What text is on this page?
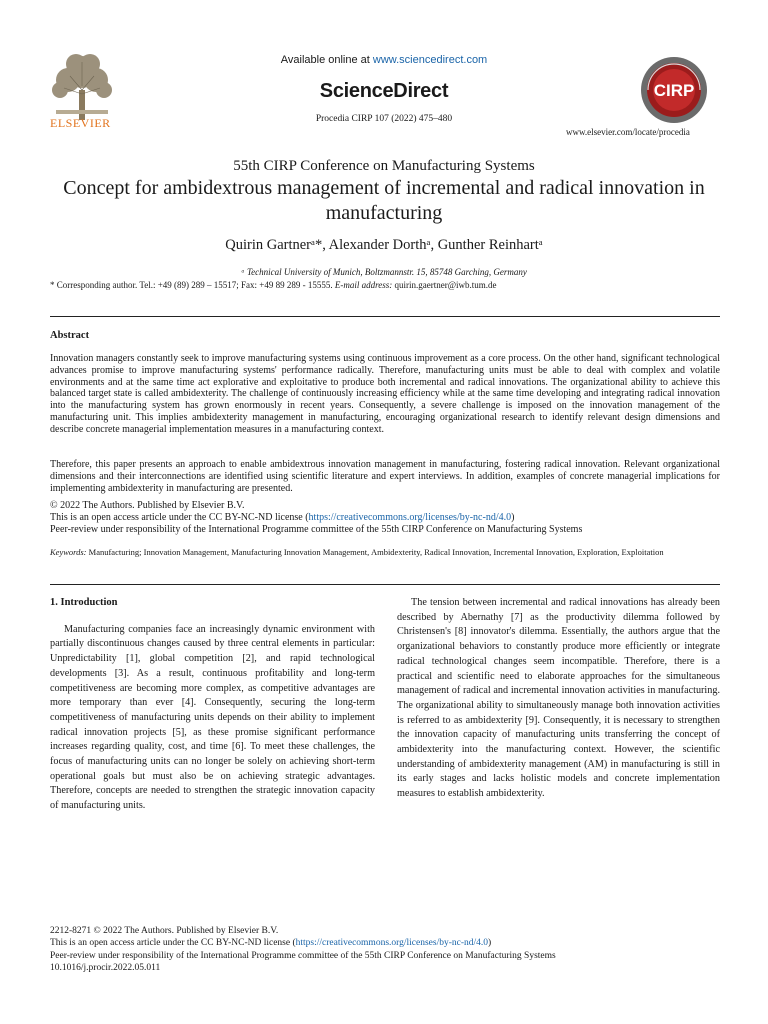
ELSEVIER
Available online at www.sciencedirect.com
ScienceDirect
Procedia CIRP 107 (2022) 475–480
CIRP
www.elsevier.com/locate/procedia
55th CIRP Conference on Manufacturing Systems
Concept for ambidextrous management of incremental and radical innovation in manufacturing
Quirin Gartnerᵃ*, Alexander Dorthᵃ, Gunther Reinhartᵃ
ᵃ Technical University of Munich, Boltzmannstr. 15, 85748 Garching, Germany
* Corresponding author. Tel.: +49 (89) 289 – 15517; Fax: +49 89 289 - 15555. E-mail address: quirin.gaertner@iwb.tum.de
Abstract
Innovation managers constantly seek to improve manufacturing systems using continuous improvement as a core process. On the other hand, significant technological advances promise to improve manufacturing systems' performance radically. Therefore, manufacturing units must be able to deal with complex and volatile environments and at the same time act explorative and exploitative to produce both incremental and radical innovations. The organizational ability to achieve this balanced target state is called ambidexterity. The challenge of continuously increasing efficiency while at the same time developing and integrating radical innovation into the manufacturing system has grown enormously in recent years. Consequently, a severe challenge is imposed on the innovation management of the manufacturing unit. This implies ambidexterity management in manufacturing, encouraging organizational research to identify relevant design dimensions and describe concrete managerial implementation measures in a manufacturing context.
Therefore, this paper presents an approach to enable ambidextrous innovation management in manufacturing, fostering radical innovation. Relevant organizational dimensions and their interconnections are identified using scientific literature and expert interviews. In addition, examples of concrete managerial implications for implementing ambidexterity in manufacturing are presented.
© 2022 The Authors. Published by Elsevier B.V.
This is an open access article under the CC BY-NC-ND license (https://creativecommons.org/licenses/by-nc-nd/4.0)
Peer-review under responsibility of the International Programme committee of the 55th CIRP Conference on Manufacturing Systems
Keywords: Manufacturing; Innovation Management, Manufacturing Innovation Management, Ambidexterity, Radical Innovation, Incremental Innovation, Exploration, Exploitation
1. Introduction

Manufacturing companies face an increasingly dynamic environment with partially discontinuous changes caused by three central elements in particular: Unpredictability [1], global competition [2], and rapid technological developments [3]. As a result, continuous profitability and long-term competitiveness are becoming more complex, as competitive advantages are more temporary than ever [4]. Consequently, securing the long-term competitiveness of manufacturing units depends on their ability to implement radical innovation projects [5], as these promise significant performance increases regarding quality, cost, and time [6]. To meet these challenges, the focus of manufacturing units can no longer be solely on achieving short-term operational goals but must also be on achieving strategic advantages. Therefore, concepts are needed to strengthen the strategic innovation capacity of manufacturing units.

The tension between incremental and radical innovations has already been described by Abernathy [7] as the productivity dilemma followed by Christensen's [8] innovator's dilemma. Essentially, the authors argue that the organizational behaviors to constantly produce more efficiently or integrate radical technological changes seem incompatible. Therefore, there is a practical and scientific need to elaborate approaches for the simultaneous management of radical and incremental innovation activities in manufacturing. The organizational ability to simultaneously manage both innovation activities is referred to as ambidexterity [9]. Consequently, it is necessary to strengthen the innovation capacity of manufacturing units transferring the concept of ambidexterity into the manufacturing context. However, the scientific understanding of ambidexterity management (AM) in manufacturing is still in its early stages and lacks holistic models and concrete implementation measures to establish ambidexterity.

2212-8271 © 2022 The Authors. Published by Elsevier B.V.
This is an open access article under the CC BY-NC-ND license (https://creativecommons.org/licenses/by-nc-nd/4.0)
Peer-review under responsibility of the International Programme committee of the 55th CIRP Conference on Manufacturing Systems
10.1016/j.procir.2022.05.011
